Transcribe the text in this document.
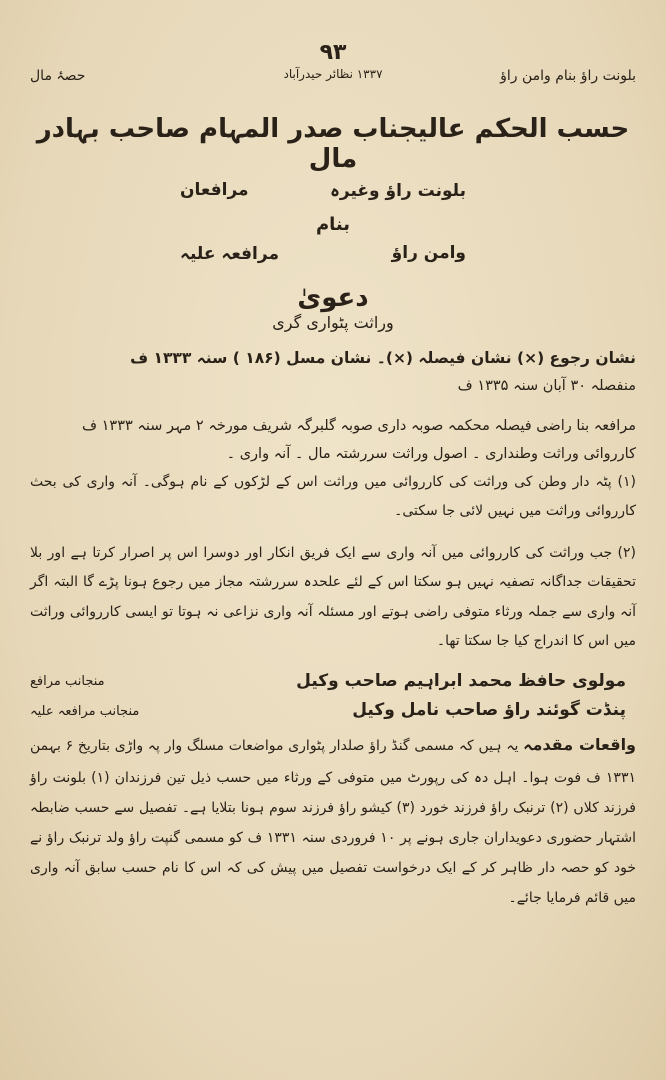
بلونت راؤ بنام وامن راؤ
۹۳
۱۳۳۷ نظائر حیدرآباد
حصۂ مال
حسب الحکم عالیجناب صدر المہام صاحب بہادر مال
بلونت راؤ وغیرہ
مرافعان
بنام
وامن راؤ
مرافعہ علیہ
دعویٰ
وراثت پٹواری گری

نشان رجوع (×) نشان فیصلہ (×)۔ نشان مسل (۱۸۶ ) سنہ ۱۳۳۳ ف

منفصلہ ۳۰ آبان سنہ ۱۳۳۵ ف

مرافعہ بنا راضی فیصلہ محکمہ صوبہ داری صوبہ گلبرگہ شریف مورخہ ۲ مہر سنہ ۱۳۳۳ ف

کارروائی وراثت وطنداری ۔ اصول وراثت سررشتہ مال ۔ آنہ واری ۔

(۱) پٹہ دار وطن کی وراثت کی کارروائی میں وراثت اس کے لڑکوں کے نام ہوگی۔ آنہ واری کی بحث کارروائی وراثت میں نہیں لائی جا سکتی۔

(۲) جب وراثت کی کارروائی میں آنہ واری سے ایک فریق انکار اور دوسرا اس پر اصرار کرتا ہے اور بلا تحقیقات جداگانہ تصفیہ نہیں ہو سکتا اس کے لئے علحدہ سررشتہ مجاز میں رجوع ہونا پڑے گا البتہ اگر آنہ واری سے جملہ ورثاء متوفی راضی ہوتے اور مسئلہ آنہ واری نزاعی نہ ہوتا تو ایسی کارروائی وراثت میں اس کا اندراج کیا جا سکتا تھا۔

مولوی حافظ محمد ابراہیم صاحب وکیل
منجانب مرافع
پنڈت گوئند راؤ صاحب نامل وکیل
منجانب مرافعہ علیہ

واقعات مقدمہ یہ ہیں کہ مسمی گنڈ راؤ صلدار پٹواری مواضعات مسلگ وار پہ واڑی بتاریخ ۶ بہمن ۱۳۳۱ ف فوت ہوا۔ اہل دہ کی رپورٹ میں متوفی کے ورثاء میں حسب ذیل تین فرزندان (۱) بلونت راؤ فرزند کلاں (۲) ترنبک راؤ فرزند خورد (۳) کیشو راؤ فرزند سوم ہونا بتلایا ہے۔ تفصیل سے حسب ضابطہ اشتہار حضوری دعویداران جاری ہونے پر ۱۰ فروردی سنہ ۱۳۳۱ ف کو مسمی گنپت راؤ ولد ترنبک راؤ نے خود کو حصہ دار ظاہر کر کے ایک درخواست تفصیل میں پیش کی کہ اس کا نام حسب سابق آنہ واری میں قائم فرمایا جائے۔
